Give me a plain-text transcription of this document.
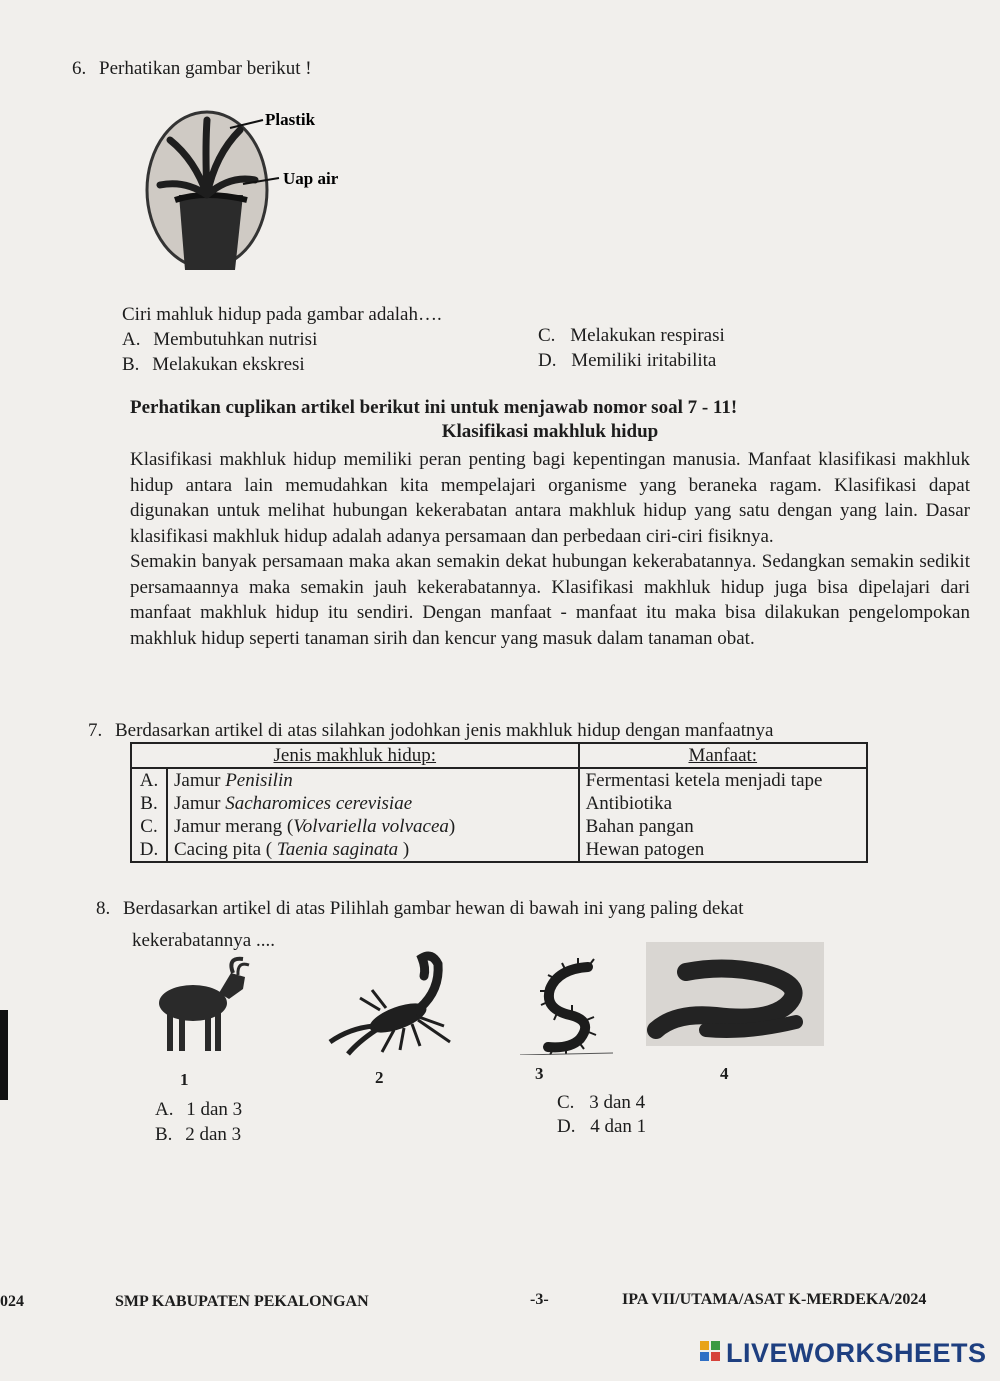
6. Perhatikan gambar berikut !
Plastik
Uap air
Ciri mahluk hidup pada gambar adalah….
A. Membutuhkan nutrisi
B. Melakukan ekskresi
C. Melakukan respirasi
D. Memiliki iritabilita
Perhatikan cuplikan artikel berikut ini untuk menjawab nomor soal 7 - 11!
Klasifikasi makhluk hidup

Klasifikasi makhluk hidup memiliki peran penting bagi kepentingan manusia. Manfaat klasifikasi makhluk hidup antara lain memudahkan kita mempelajari organisme yang beraneka ragam. Klasifikasi dapat digunakan untuk melihat hubungan kekerabatan antara makhluk hidup yang satu dengan yang lain. Dasar klasifikasi makhluk hidup adalah adanya persamaan dan perbedaan ciri-ciri fisiknya.

Semakin banyak persamaan maka akan semakin dekat hubungan kekerabatannya. Sedangkan semakin sedikit persamaannya maka semakin jauh kekerabatannya. Klasifikasi makhluk hidup juga bisa dipelajari dari manfaat makhluk hidup itu sendiri. Dengan manfaat - manfaat itu maka bisa dilakukan pengelompokan makhluk hidup seperti tanaman sirih dan kencur yang masuk dalam tanaman obat.

7. Berdasarkan artikel di atas silahkan jodohkan jenis makhluk hidup dengan manfaatnya
Jenis makhluk hidup:		Manfaat:
A.	Jamur Penisilin	Fermentasi ketela menjadi tape
B.	Jamur Sacharomices cerevisiae	Antibiotika
C.	Jamur merang (Volvariella volvacea)	Bahan pangan
D.	Cacing pita ( Taenia saginata )	Hewan patogen
8. Berdasarkan artikel di atas Pilihlah gambar hewan di bawah ini yang paling dekat
kekerabatannya ....
1	2	3	4
A. 1 dan 3
B. 2 dan 3
C. 3 dan 4
D. 4 dan 1
024	SMP KABUPATEN PEKALONGAN	-3-	IPA VII/UTAMA/ASAT K-MERDEKA/2024
LIVEWORKSHEETS
